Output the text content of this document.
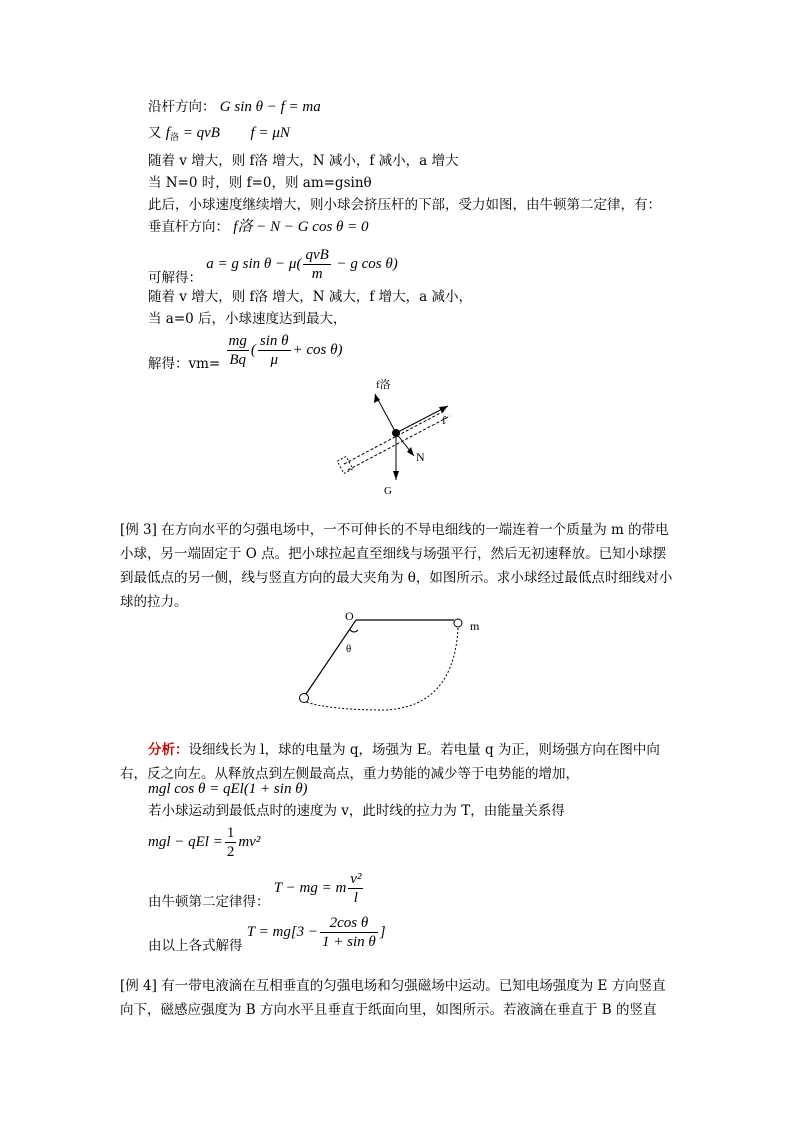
沿杆方向： G sin θ − f = ma
又 $f_洛$ = qvB f = μN
随着 v 增大，则 f洛 增大，N 减小，f 减小，a 增大
当 N=0 时，则 f=0，则 am=gsinθ
此后，小球速度继续增大，则小球会挤压杆的下部，受力如图，由牛顿第二定律，有：
垂直杆方向： f洛 − N − G cos θ = 0
可解得： a = g $\sin \theta - \mu( \frac{\text{qvB}}{m} - g$ cos θ)
随着 v 增大，则 f洛 增大，N 减大，f 增大，a 减小，
当 a=0 后，小球速度达到最大，
解得：$vm= \frac{mg}{Bq}$ ( $\frac{\text{sin θ}}{\mu} + \cos \theta$)
f洛
f
N
G
[例 3] 在方向水平的匀强电场中，一不可伸长的不导电细线的一端连着一个质量为 m 的带电小球，另一端固定于 O 点。把小球拉起直至细线与场强平行，然后无初速释放。已知小球摆到最低点的另一侧，线与竖直方向的最大夹角为 θ，如图所示。求小球经过最低点时细线对小球的拉力。
O
m
θ
分析：设细线长为 l，球的电量为 q，场强为 E。若电量 q 为正，则场强方向在图中向右，反之向左。从释放点到左侧最高点，重力势能的减少等于电势能的增加，
mgl cos θ = qEl(1 + sin θ)
若小球运动到最低点时的速度为 v，此时线的拉力为 T，由能量关系得
mgl − qEl = $\frac{1}{2} mv^2$
由牛顿第二定律得： T − mg = m $\frac{\text{v²}}{l}$
由以上各式解得 $T = mg[3 - \frac{\text{2cos θ}}{\text{1 + sin θ}}$ ]
[例 4] 有一带电液滴在互相垂直的匀强电场和匀强磁场中运动。已知电场强度为 E 方向竖直向下，磁感应强度为 B 方向水平且垂直于纸面向里，如图所示。若液滴在垂直于 B 的竖直
